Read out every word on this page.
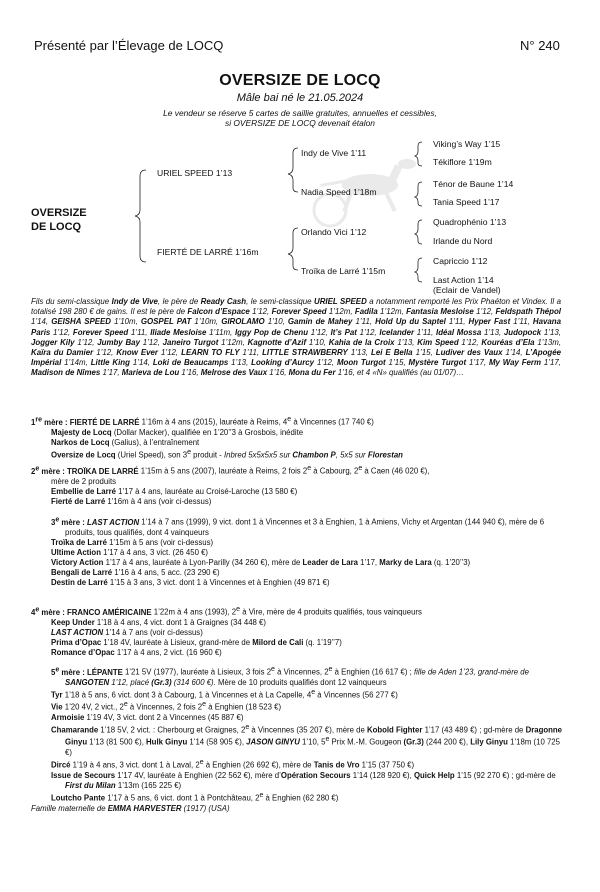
Présenté par l’Élevage de LOCQ	N° 240
OVERSIZE DE LOCQ
Mâle bai né le 21.05.2024
Le vendeur se réserve 5 cartes de saillie gratuites, annuelles et cessibles,
si OVERSIZE DE LOCQ devenait étalon
OVERSIZE
DE LOCQ
URIEL SPEED 1’13
FIERTÉ DE LARRÉ 1’16m
Indy de Vive 1’11
Nadia Speed 1’18m
Orlando Vici 1’12
Troïka de Larré 1’15m
Viking’s Way 1’15
Tékiflore 1’19m
Ténor de Baune 1’14
Tania Speed 1’17
Quadrophénio 1’13
Irlande du Nord
Capriccio 1’12
Last Action 1’14
(Eclair de Vandel)
Fils du semi-classique Indy de Vive, le père de Ready Cash, le semi-classique URIEL SPEED a notamment remporté les Prix Phaéton et Vindex. Il a totalisé 198 280 € de gains. Il est le père de Falcon d’Espace 1’12, Forever Speed 1’12m, Fadila 1’12m, Fantasia Mesloise 1’12, Feldspath Thépol 1’14, GEISHA SPEED 1’10m, GOSPEL PAT 1’10m, GIROLAMO 1’10, Gamin de Mahey 1’11, Hold Up du Saptel 1’11, Hyper Fast 1’11, Havana Paris 1’12, Forever Speed 1’11, Iliade Mesloise 1’11m, Iggy Pop de Chenu 1’12, It’s Pat 1’12, Icelander 1’11, Idéal Mossa 1’13, Judopock 1’13, Jogger Kily 1’12, Jumby Bay 1’12, Janeiro Turgot 1’12m, Kagnotte d’Azif 1’10, Kahia de la Croix 1’13, Kim Speed 1’12, Kouréas d’Ela 1’13m, Kaïra du Damier 1’12, Know Ever 1’12, LEARN TO FLY 1’11, LITTLE STRAWBERRY 1’13, Lei E Bella 1’15, Ludiver des Vaux 1’14, L’Apogée Impérial 1’14m, Little King 1’14, Loki de Beaucamps 1’13, Looking d’Aurcy 1’12, Moon Turgot 1’15, Mystère Turgot 1’17, My Way Ferm 1’17, Madison de Nîmes 1’17, Marieva de Lou 1’16, Melrose des Vaux 1’16, Mona du Fer 1’16, et 4 «N» qualifiés (au 01/07)…
1re mère : FIERTÉ DE LARRÉ 1’16m à 4 ans (2015), lauréate à Reims, 4e à Vincennes (17 740 €)
Majesty de Locq (Dollar Macker), qualifiée en 1’20’’3 à Grosbois, inédite
Narkos de Locq (Galius), à l’entraînement
Oversize de Locq (Uriel Speed), son 3e produit - Inbred 5x5x5x5 sur Chambon P, 5x5 sur Florestan
2e mère : TROÏKA DE LARRÉ 1’15m à 5 ans (2007), lauréate à Reims, 2 fois 2e à Cabourg, 2e à Caen (46 020 €),
mère de 2 produits
Embellie de Larré 1’17 à 4 ans, lauréate au Croisé-Laroche (13 580 €)
Fierté de Larré 1’16m à 4 ans (voir ci-dessus)
3e mère : LAST ACTION 1’14 à 7 ans (1999), 9 vict. dont 1 à Vincennes et 3 à Enghien, 1 à Amiens, Vichy et Argentan (144 940 €), mère de 6 produits, tous qualifiés, dont 4 vainqueurs
Troïka de Larré 1’15m à 5 ans (voir ci-dessus)
Ultime Action 1’17 à 4 ans, 3 vict. (26 450 €)
Victory Action 1’17 à 4 ans, lauréate à Lyon-Parilly (34 260 €), mère de Leader de Lara 1’17, Marky de Lara (q. 1’20’’3)
Bengali de Larré 1’16 à 4 ans, 5 acc. (23 290 €)
Destin de Larré 1’15 à 3 ans, 3 vict. dont 1 à Vincennes et à Enghien (49 871 €)
4e mère : FRANCO AMÉRICAINE 1’22m à 4 ans (1993), 2e à Vire, mère de 4 produits qualifiés, tous vainqueurs
Keep Under 1’18 à 4 ans, 4 vict. dont 1 à Graignes (34 448 €)
LAST ACTION 1’14 à 7 ans (voir ci-dessus)
Prima d’Opac 1’18 4V, lauréate à Lisieux, grand-mère de Milord de Cali (q. 1’19’’7)
Romance d’Opac 1’17 à 4 ans, 2 vict. (16 960 €)
5e mère : LÉPANTE 1’21 5V (1977), lauréate à Lisieux, 3 fois 2e à Vincennes, 2e à Enghien (16 617 €) ; fille de Aden 1’23, grand-mère de SANGOTEN 1’12, placé (Gr.3) (314 600 €). Mère de 10 produits qualifiés dont 12 vainqueurs
Tyr 1’18 à 5 ans, 6 vict. dont 3 à Cabourg, 1 à Vincennes et à La Capelle, 4e à Vincennes (56 277 €)
Vie 1’20 4V, 2 vict., 2e à Vincennes, 2 fois 2e à Enghien (18 523 €)
Armoisie 1’19 4V, 3 vict. dont 2 à Vincennes (45 887 €)
Chamarande 1’18 5V, 2 vict. : Cherbourg et Graignes, 2e à Vincennes (35 207 €), mère de Kobold Fighter 1’17 (43 489 €) ; gd-mère de Dragonne Ginyu 1’13 (81 500 €), Hulk Ginyu 1’14 (58 905 €), JASON GINYU 1’10, 5e Prix M.-M. Gougeon (Gr.3) (244 200 €), Lily Ginyu 1’18m (10 725 €)
Dircé 1’19 à 4 ans, 3 vict. dont 1 à Laval, 2e à Enghien (26 692 €), mère de Tanis de Vro 1’15 (37 750 €)
Issue de Secours 1’17 4V, lauréate à Enghien (22 562 €), mère d’Opération Secours 1’14 (128 920 €), Quick Help 1’15 (92 270 €) ; gd-mère de First du Milan 1’13m (165 225 €)
Loutcho Pante 1’17 à 5 ans, 6 vict. dont 1 à Pontchâteau, 2e à Enghien (62 280 €)
Famille maternelle de EMMA HARVESTER (1917) (USA)
